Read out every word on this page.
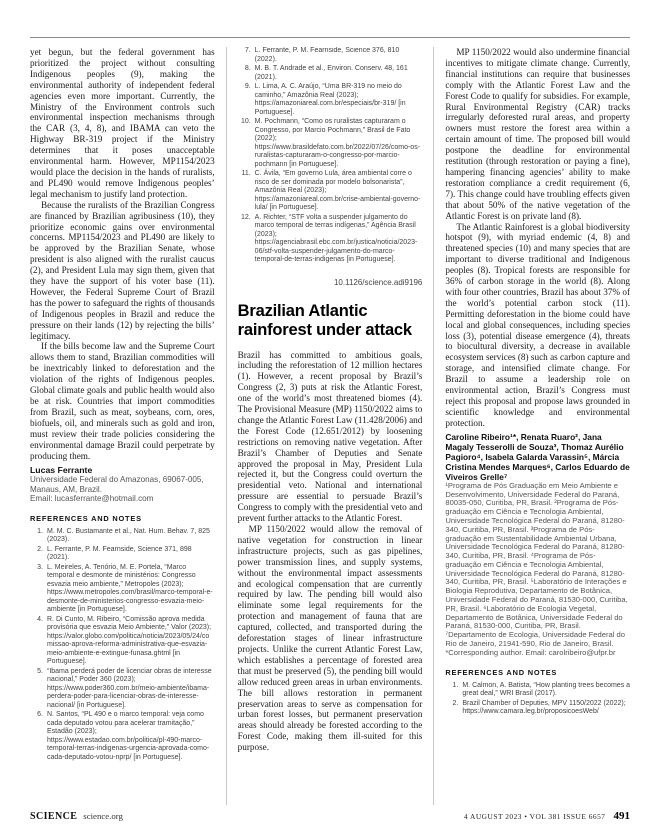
yet begun, but the federal government has prioritized the project without consulting Indigenous peoples (9), making the environmental authority of independent federal agencies even more important. Currently, the Ministry of the Environment controls such environmental inspection mechanisms through the CAR (3, 4, 8), and IBAMA can veto the Highway BR-319 project if the Ministry determines that it poses unacceptable environmental harm. However, MP1154/2023 would place the decision in the hands of ruralists, and PL490 would remove Indigenous peoples’ legal mechanism to justify land protection.

Because the ruralists of the Brazilian Congress are financed by Brazilian agribusiness (10), they prioritize economic gains over environmental concerns. MP1154/2023 and PL490 are likely to be approved by the Brazilian Senate, whose president is also aligned with the ruralist caucus (2), and President Lula may sign them, given that they have the support of his voter base (11). However, the Federal Supreme Court of Brazil has the power to safeguard the rights of thousands of Indigenous peoples in Brazil and reduce the pressure on their lands (12) by rejecting the bills’ legitimacy.

If the bills become law and the Supreme Court allows them to stand, Brazilian commodities will be inextricably linked to deforestation and the violation of the rights of Indigenous peoples. Global climate goals and public health would also be at risk. Countries that import commodities from Brazil, such as meat, soybeans, corn, ores, biofuels, oil, and minerals such as gold and iron, must review their trade policies considering the environmental damage Brazil could perpetrate by producing them.

Lucas Ferrante
Universidade Federal do Amazonas, 69067-005, Manaus, AM, Brazil.
Email: lucasferrante@hotmail.com
REFERENCES AND NOTES
1. M. M. C. Bustamante et al., Nat. Hum. Behav. 7, 825 (2023).
2. L. Ferrante, P. M. Fearnside, Science 371, 898 (2021).
3. L. Meireles, A. Tenório, M. E. Portela, “Marco temporal e desmonte de ministérios: Congresso esvazia meio ambiente,” Metropoles (2023); https://www.metropoles.com/brasil/marco-temporal-e-desmonte-de-ministerios-congresso-esvazia-meio-ambiente [in Portuguese].
4. R. Di Cunto, M. Ribeiro, “Comissão aprova medida provisória que esvazia Meio Ambiente,” Valor (2023); https://valor.globo.com/politica/noticia/2023/05/24/comissao-aprova-reforma-administrativa-que-esvazia-meio-ambiente-e-extingue-funasa.ghtml [in Portuguese].
5. “Ibama perderá poder de licenciar obras de interesse nacional,” Poder 360 (2023); https://www.poder360.com.br/meio-ambiente/ibama-perdera-poder-para-licenciar-obras-de-interesse-nacional/ [in Portuguese].
6. N. Santos, “PL 490 e o marco temporal: veja como cada deputado votou para acelerar tramitação,” Estadão (2023); https://www.estadao.com.br/politica/pl-490-marco-temporal-terras-indigenas-urgencia-aprovada-como-cada-deputado-votou-nprp/ [in Portuguese].
7. L. Ferrante, P. M. Fearnside, Science 376, 810 (2022).
8. M. B. T. Andrade et al., Environ. Conserv. 48, 161 (2021).
9. L. Lima, A. C. Araújo, “Uma BR-319 no meio do caminho,” Amazônia Real (2023); https://amazoniareal.com.br/especiais/br-319/ [in Portuguese].
10. M. Pochmann, “Como os ruralistas capturaram o Congresso, por Marcio Pochmann,” Brasil de Fato (2022); https://www.brasildefato.com.br/2022/07/26/como-os-ruralistas-capturaram-o-congresso-por-marcio-pochmann [in Portuguese].
11. C. Ávila, “Em governo Lula, área ambiental corre o risco de ser dominada por modelo bolsonarista”, Amazônia Real (2023); https://amazoniareal.com.br/crise-ambiental-governo-lula/ [in Portuguese].
12. A. Richter, “STF volta a suspender julgamento do marco temporal de terras indígenas,” Agência Brasil (2023); https://agenciabrasil.ebc.com.br/justica/noticia/2023-06/stf-volta-suspender-julgamento-do-marco-temporal-de-terras-indigenas [in Portuguese].
10.1126/science.adi9196
Brazilian Atlantic rainforest under attack

Brazil has committed to ambitious goals, including the reforestation of 12 million hectares (1). However, a recent proposal by Brazil’s Congress (2, 3) puts at risk the Atlantic Forest, one of the world’s most threatened biomes (4). The Provisional Measure (MP) 1150/2022 aims to change the Atlantic Forest Law (11.428/2006) and the Forest Code (12.651/2012) by loosening restrictions on removing native vegetation. After Brazil’s Chamber of Deputies and Senate approved the proposal in May, President Lula rejected it, but the Congress could overturn the presidential veto. National and international pressure are essential to persuade Brazil’s Congress to comply with the presidential veto and prevent further attacks to the Atlantic Forest.

MP 1150/2022 would allow the removal of native vegetation for construction in linear infrastructure projects, such as gas pipelines, power transmission lines, and supply systems, without the environmental impact assessments and ecological compensation that are currently required by law. The pending bill would also eliminate some legal requirements for the protection and management of fauna that are captured, collected, and transported during the deforestation stages of linear infrastructure projects. Unlike the current Atlantic Forest Law, which establishes a percentage of forested area that must be preserved (5), the pending bill would allow reduced green areas in urban environments. The bill allows restoration in permanent preservation areas to serve as compensation for urban forest losses, but permanent preservation areas should already be forested according to the Forest Code, making them ill-suited for this purpose.

MP 1150/2022 would also undermine financial incentives to mitigate climate change. Currently, financial institutions can require that businesses comply with the Atlantic Forest Law and the Forest Code to qualify for subsidies. For example, Rural Environmental Registry (CAR) tracks irregularly deforested rural areas, and property owners must restore the forest area within a certain amount of time. The proposed bill would postpone the deadline for environmental restitution (through restoration or paying a fine), hampering financing agencies’ ability to make restoration compliance a credit requirement (6, 7). This change could have troubling effects given that about 50% of the native vegetation of the Atlantic Forest is on private land (8).

The Atlantic Rainforest is a global biodiversity hotspot (9), with myriad endemic (4, 8) and threatened species (10) and many species that are important to diverse traditional and Indigenous peoples (8). Tropical forests are responsible for 36% of carbon storage in the world (8). Along with four other countries, Brazil has about 37% of the world’s potential carbon stock (11). Permitting deforestation in the biome could have local and global consequences, including species loss (3), potential disease emergence (4), threats to biocultural diversity, a decrease in available ecosystem services (8) such as carbon capture and storage, and intensified climate change. For Brazil to assume a leadership role on environmental action, Brazil’s Congress must reject this proposal and propose laws grounded in scientific knowledge and environmental protection.

Caroline Ribeiro¹*, Renata Ruaro², Jana Magaly Tesserolli de Souza³, Thomaz Aurélio Pagioro⁴, Isabela Galarda Varassin⁵, Márcia Cristina Mendes Marques⁶, Carlos Eduardo de Viveiros Grelle⁷
¹Programa de Pós Graduação em Meio Ambiente e Desenvolvimento, Universidade Federal do Paraná, 80035-050, Curitiba, PR, Brasil. ²Programa de Pós-graduação em Ciência e Tecnologia Ambiental, Universidade Tecnológica Federal do Paraná, 81280-340, Curitiba, PR, Brasil. ³Programa de Pós-graduação em Sustentabilidade Ambiental Urbana, Universidade Tecnológica Federal do Paraná, 81280-340, Curitiba, PR, Brasil. ⁴Programa de Pós-graduação em Ciência e Tecnologia Ambiental, Universidade Tecnológica Federal do Paraná, 81280-340, Curitiba, PR, Brasil. ⁵Laboratório de Interações e Biologia Reprodutiva, Departamento de Botânica, Universidade Federal do Paraná, 81530-000, Curitiba, PR, Brasil. ⁶Laboratório de Ecologia Vegetal, Departamento de Botânica, Universidade Federal do Paraná, 81530-000, Curitiba, PR, Brasil. ⁷Departamento de Ecologia, Universidade Federal do Rio de Janeiro, 21941-590, Rio de Janeiro, Brasil.
*Corresponding author. Email: carolribeiro@ufpr.br
REFERENCES AND NOTES
1. M. Calmon, A. Batista, “How planting trees becomes a great deal,” WRI Brasil (2017).
2. Brazil Chamber of Deputies, MPV 1150/2022 (2022); https://www.camara.leg.br/proposicoesWeb/
SCIENCE science.org	4 AUGUST 2023 • VOL 381 ISSUE 6657 491
